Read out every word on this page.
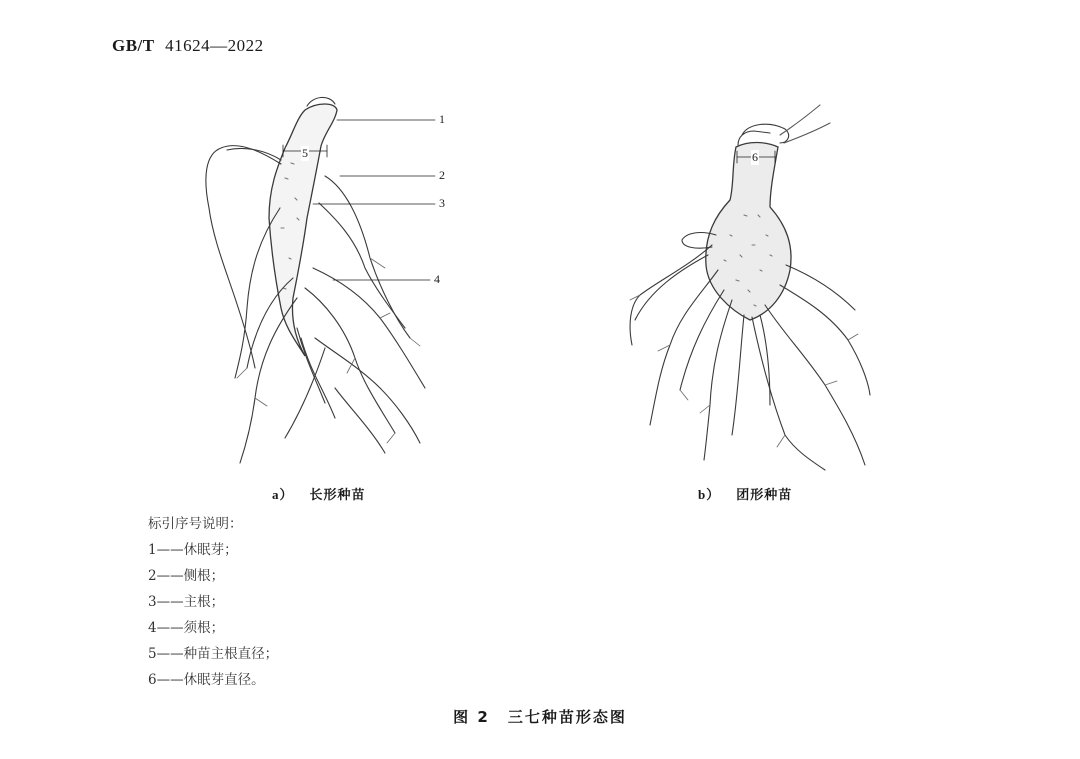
GB/T 41624—2022
1
2
3
4
5	6
a） 长形种苗	b） 团形种苗
标引序号说明：
1——休眠芽；
2——侧根；
3——主根；
4——须根；
5——种苗主根直径；
6——休眠芽直径。
图 2 三七种苗形态图
